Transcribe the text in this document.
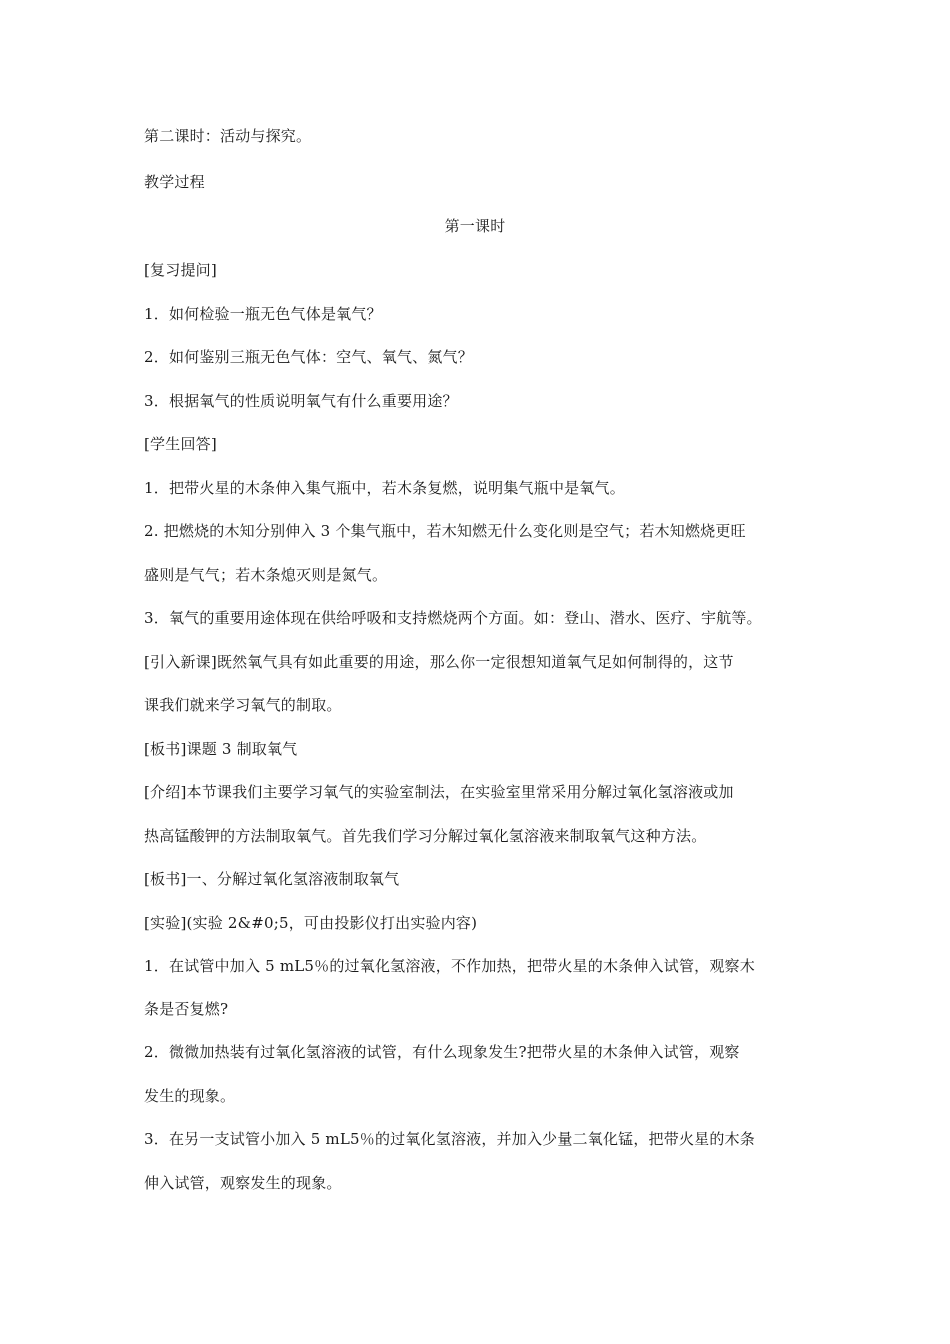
第二课时：活动与探究。
教学过程
第一课时
[复习提问]
1．如何检验一瓶无色气体是氧气？
2．如何鉴别三瓶无色气体：空气、氧气、氮气？
3．根据氧气的性质说明氧气有什么重要用途？
[学生回答]
1．把带火星的木条伸入集气瓶中，若木条复燃，说明集气瓶中是氧气。
2. 把燃烧的木知分别伸入 3 个集气瓶中，若木知燃无什么变化则是空气；若木知燃烧更旺
盛则是气气；若木条熄灭则是氮气。
3．氧气的重要用途体现在供给呼吸和支持燃烧两个方面。如：登山、潜水、医疗、宇航等。
[引入新课]既然氧气具有如此重要的用途，那么你一定很想知道氧气足如何制得的，这节
课我们就来学习氧气的制取。
[板书]课题 3 制取氧气
[介绍]本节课我们主要学习氧气的实验室制法，在实验室里常采用分解过氧化氢溶液或加
热高锰酸钾的方法制取氧气。首先我们学习分解过氧化氢溶液来制取氧气这种方法。
[板书]一、分解过氧化氢溶液制取氧气
[实验](实验 2&#0;5，可由投影仪打出实验内容)
1．在试管中加入 5 mL5％的过氧化氢溶液，不作加热，把带火星的木条伸入试管，观察木
条是否复燃?
2．微微加热装有过氧化氢溶液的试管，有什么现象发生?把带火星的木条伸入试管，观察
发生的现象。
3．在另一支试管小加入 5 mL5％的过氧化氢溶液，并加入少量二氧化锰，把带火星的木条
伸入试管，观察发生的现象。
